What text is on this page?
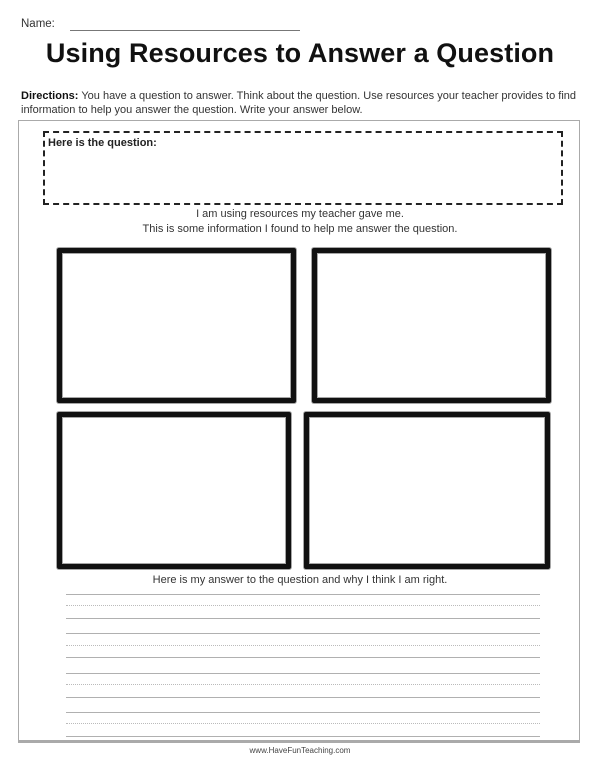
Name:
Using Resources to Answer a Question
Directions: You have a question to answer. Think about the question. Use resources your teacher provides to find information to help you answer the question. Write your answer below.
Here is the question:
I am using resources my teacher gave me.
This is some information I found to help me answer the question.
Here is my answer to the question and why I think I am right.
www.HaveFunTeaching.com
